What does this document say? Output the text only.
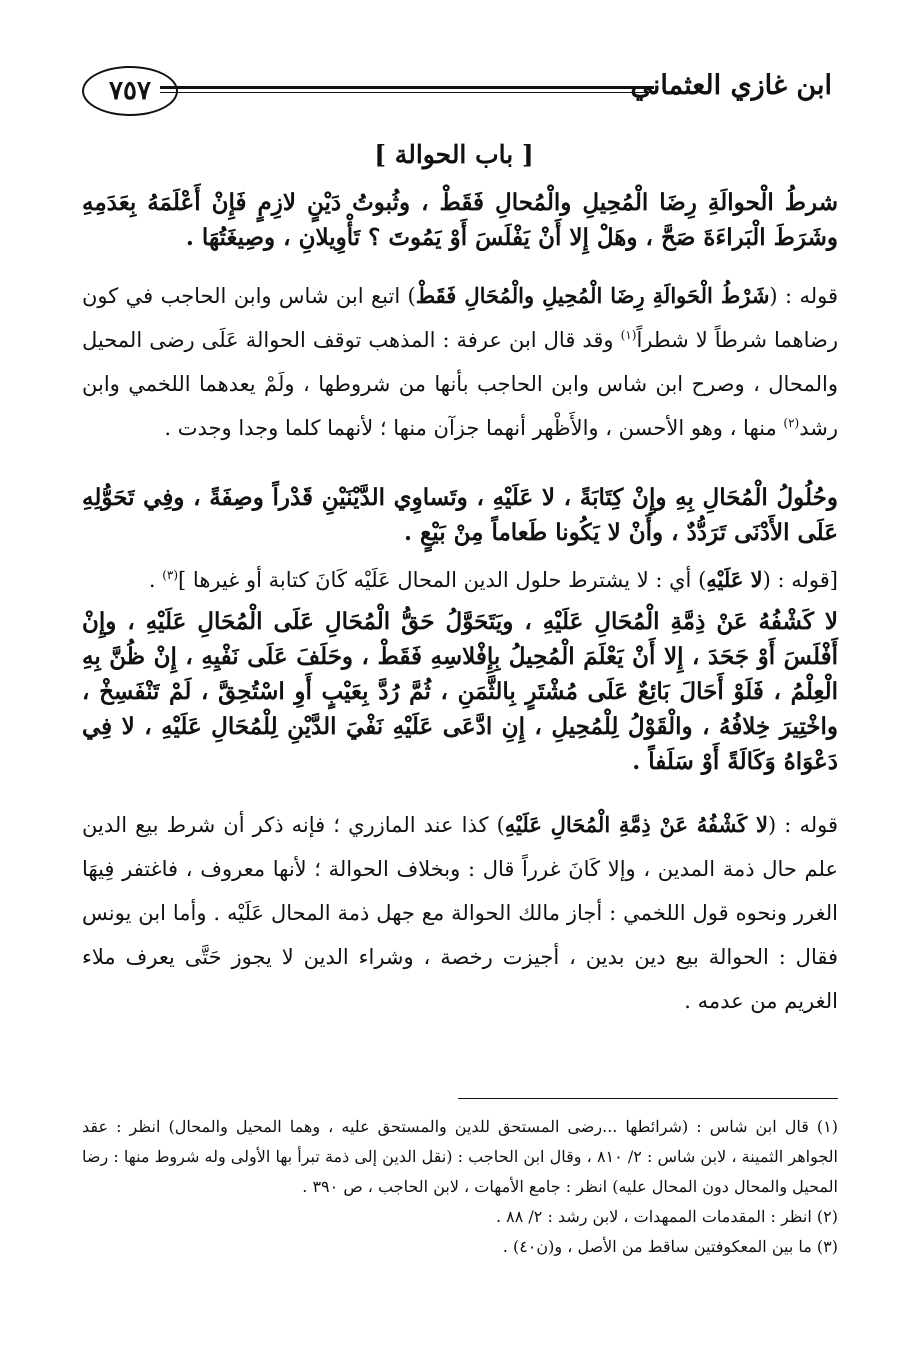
ابن غازي العثماني
٧٥٧
[ باب الحوالة ]

شرطُ الْحوالَةِ رِضَا الْمُحِيلِ والْمُحالِ فَقَطْ ، وثُبوتُ دَيْنٍ لازِمٍ فَإِنْ أَعْلَمَهُ بِعَدَمِهِ وشَرَطَ الْبَراءَةَ صَحَّ ، وهَلْ إِلا أَنْ يَفْلَسَ أَوْ يَمُوتَ ؟ تَأْوِيلانِ ، وصِيغَتُهَا .

قوله : (شَرْطُ الْحَوالَةِ رِضَا الْمُحِيلِ والْمُحَالِ فَقَطْ) اتبع ابن شاس وابن الحاجب في كون رضاهما شرطاً لا شطراً$^{(١)}$ وقد قال ابن عرفة : المذهب توقف الحوالة عَلَى رضى المحيل والمحال ، وصرح ابن شاس وابن الحاجب بأنها من شروطها ، ولَمْ يعدهما اللخمي وابن رشد$^{(٢)}$ منها ، وهو الأحسن ، والأَظْهر أنهما جزآن منها ؛ لأنهما كلما وجدا وجدت .

وحُلُولُ الْمُحَالِ بِهِ وإِنْ كِتَابَةً ، لا عَلَيْهِ ، وتَساوِي الدَّيْنَيْنِ قَدْراً وصِفَةً ، وفِي تَحَوُّلِهِ عَلَى الأَدْنَى تَرَدُّدٌ ، وأَنْ لا يَكُونا طَعاماً مِنْ بَيْعٍ .

[قوله : (لا عَلَيْهِ) أي : لا يشترط حلول الدين المحال عَلَيْه كَانَ كتابة أو غيرها ]$^{(٣)}$ .

لا كَشْفُهُ عَنْ ذِمَّةِ الْمُحَالِ عَلَيْهِ ، ويَتَحَوَّلُ حَقُّ الْمُحَالِ عَلَى الْمُحَالِ عَلَيْهِ ، وإِنْ أَفْلَسَ أَوْ جَحَدَ ، إِلا أَنْ يَعْلَمَ الْمُحِيلُ بِإِفْلاسِهِ فَقَطْ ، وحَلَفَ عَلَى نَفْيِهِ ، إِنْ ظُنَّ بِهِ الْعِلْمُ ، فَلَوْ أَحَالَ بَائِعٌ عَلَى مُشْتَرٍ بِالثَّمَنِ ، ثُمَّ رُدَّ بِعَيْبٍ أَوِ اسْتُحِقَّ ، لَمْ تَنْفَسِخْ ، واخْتِيرَ خِلافُهُ ، والْقَوْلُ لِلْمُحِيلِ ، إِنِ ادَّعَى عَلَيْهِ نَفْيَ الدَّيْنِ لِلْمُحَالِ عَلَيْهِ ، لا فِي دَعْوَاهُ وَكَالَةً أَوْ سَلَفاً .

قوله : (لا كَشْفُهُ عَنْ ذِمَّةِ الْمُحَالِ عَلَيْهِ) كذا عند المازري ؛ فإنه ذكر أن شرط بيع الدين علم حال ذمة المدين ، وإلا كَانَ غرراً قال : وبخلاف الحوالة ؛ لأنها معروف ، فاغتفر فِيهَا الغرر ونحوه قول اللخمي : أجاز مالك الحوالة مع جهل ذمة المحال عَلَيْه . وأما ابن يونس فقال : الحوالة بيع دين بدين ، أجيزت رخصة ، وشراء الدين لا يجوز حَتَّى يعرف ملاء الغريم من عدمه .

(١) قال ابن شاس : (شرائطها ...رضى المستحق للدين والمستحق عليه ، وهما المحيل والمحال) انظر : عقد الجواهر الثمينة ، لابن شاس : ٢/ ٨١٠ ، وقال ابن الحاجب : (نقل الدين إلى ذمة تبرأ بها الأولى وله شروط منها : رضا المحيل والمحال دون المحال عليه) انظر : جامع الأمهات ، لابن الحاجب ، ص ٣٩٠ .

(٢) انظر : المقدمات الممهدات ، لابن رشد : ٢/ ٨٨ .

(٣) ما بين المعكوفتين ساقط من الأصل ، و(ن٤٠) .
